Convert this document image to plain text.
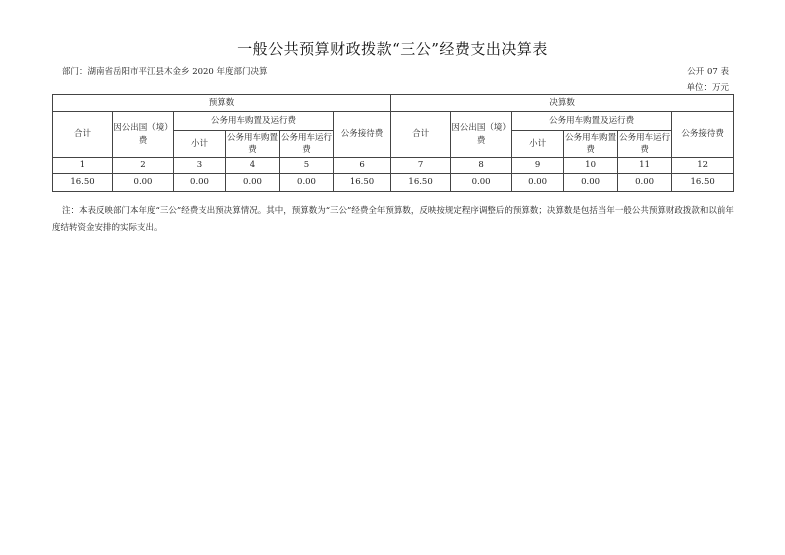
一般公共预算财政拨款“三公”经费支出决算表
部门：湖南省岳阳市平江县木金乡 2020 年度部门决算	公开 07 表
单位：万元
预算数						决算数					
合计	因公出国（境）费	公务用车购置及运行费			公务接待费	合计	因公出国（境）费	公务用车购置及运行费			公务接待费
		小计	公务用车购置费	公务用车运行费				小计	公务用车购置费	公务用车运行费	
1	2	3	4	5	6	7	8	9	10	11	12
16.50	0.00	0.00	0.00	0.00	16.50	16.50	0.00	0.00	0.00	0.00	16.50
注：本表反映部门本年度“三公”经费支出预决算情况。其中，预算数为“三公”经费全年预算数，反映按规定程序调整后的预算数；决算数是包括当年一般公共预算财政拨款和以前年度结转资金安排的实际支出。
